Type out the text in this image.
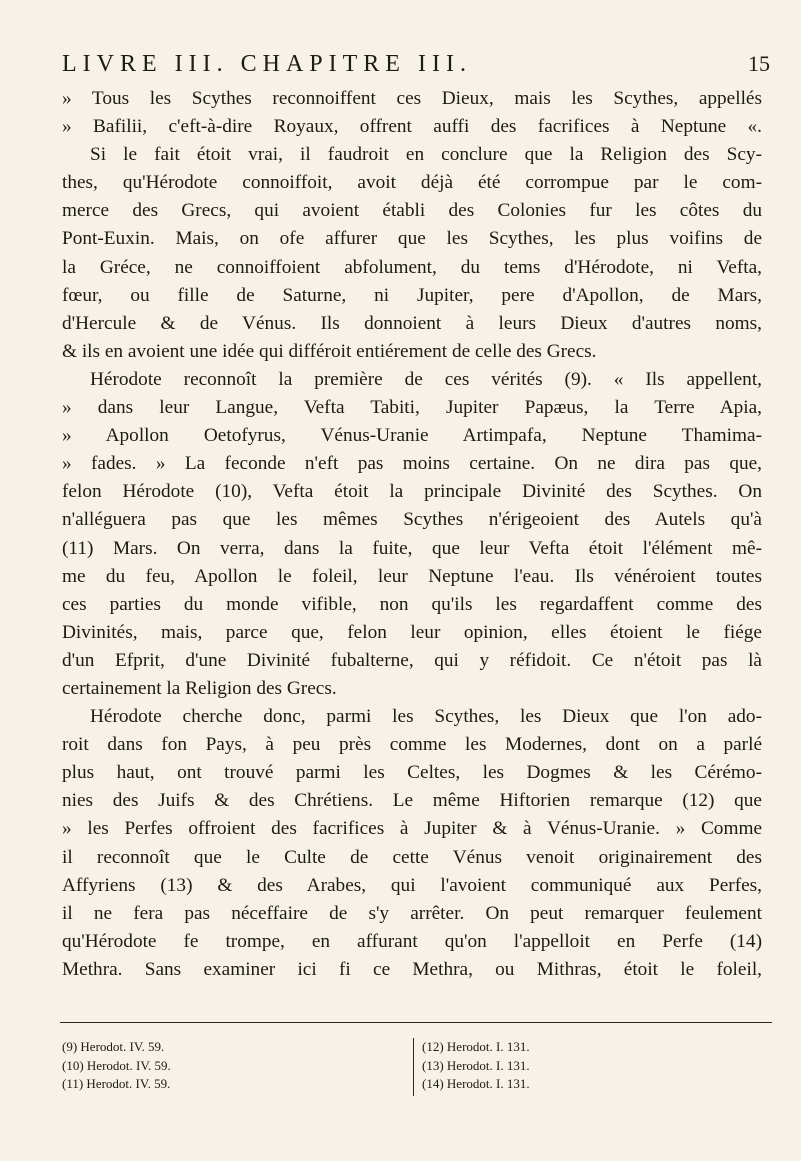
LIVRE III. CHAPITRE III.	15
» Tous les Scythes reconnoiffent ces Dieux, mais les Scythes, appellés
» Bafilii, c'eft-à-dire Royaux, offrent auffi des facrifices à Neptune «.
Si le fait étoit vrai, il faudroit en conclure que la Religion des Scy-
thes, qu'Hérodote connoiffoit, avoit déjà été corrompue par le com-
merce des Grecs, qui avoient établi des Colonies fur les côtes du
Pont-Euxin. Mais, on ofe affurer que les Scythes, les plus voifins de
la Gréce, ne connoiffoient abfolument, du tems d'Hérodote, ni Vefta,
fœur, ou fille de Saturne, ni Jupiter, pere d'Apollon, de Mars,
d'Hercule & de Vénus. Ils donnoient à leurs Dieux d'autres noms,
& ils en avoient une idée qui différoit entiérement de celle des Grecs.
Hérodote reconnoît la première de ces vérités (9). « Ils appellent,
» dans leur Langue, Vefta Tabiti, Jupiter Papæus, la Terre Apia,
» Apollon Oetofyrus, Vénus-Uranie Artimpafa, Neptune Thamima-
» fades. » La feconde n'eft pas moins certaine. On ne dira pas que,
felon Hérodote (10), Vefta étoit la principale Divinité des Scythes. On
n'alléguera pas que les mêmes Scythes n'érigeoient des Autels qu'à
(11) Mars. On verra, dans la fuite, que leur Vefta étoit l'élément mê-
me du feu, Apollon le foleil, leur Neptune l'eau. Ils vénéroient toutes
ces parties du monde vifible, non qu'ils les regardaffent comme des
Divinités, mais, parce que, felon leur opinion, elles étoient le fiége
d'un Efprit, d'une Divinité fubalterne, qui y réfidoit. Ce n'étoit pas là
certainement la Religion des Grecs.
Hérodote cherche donc, parmi les Scythes, les Dieux que l'on ado-
roit dans fon Pays, à peu près comme les Modernes, dont on a parlé
plus haut, ont trouvé parmi les Celtes, les Dogmes & les Cérémo-
nies des Juifs & des Chrétiens. Le même Hiftorien remarque (12) que
» les Perfes offroient des facrifices à Jupiter & à Vénus-Uranie. » Comme
il reconnoît que le Culte de cette Vénus venoit originairement des
Affyriens (13) & des Arabes, qui l'avoient communiqué aux Perfes,
il ne fera pas néceffaire de s'y arrêter. On peut remarquer feulement
qu'Hérodote fe trompe, en affurant qu'on l'appelloit en Perfe (14)
Methra. Sans examiner ici fi ce Methra, ou Mithras, étoit le foleil,
(9) Herodot. IV. 59.
(10) Herodot. IV. 59.
(11) Herodot. IV. 59.
(12) Herodot. I. 131.
(13) Herodot. I. 131.
(14) Herodot. I. 131.
